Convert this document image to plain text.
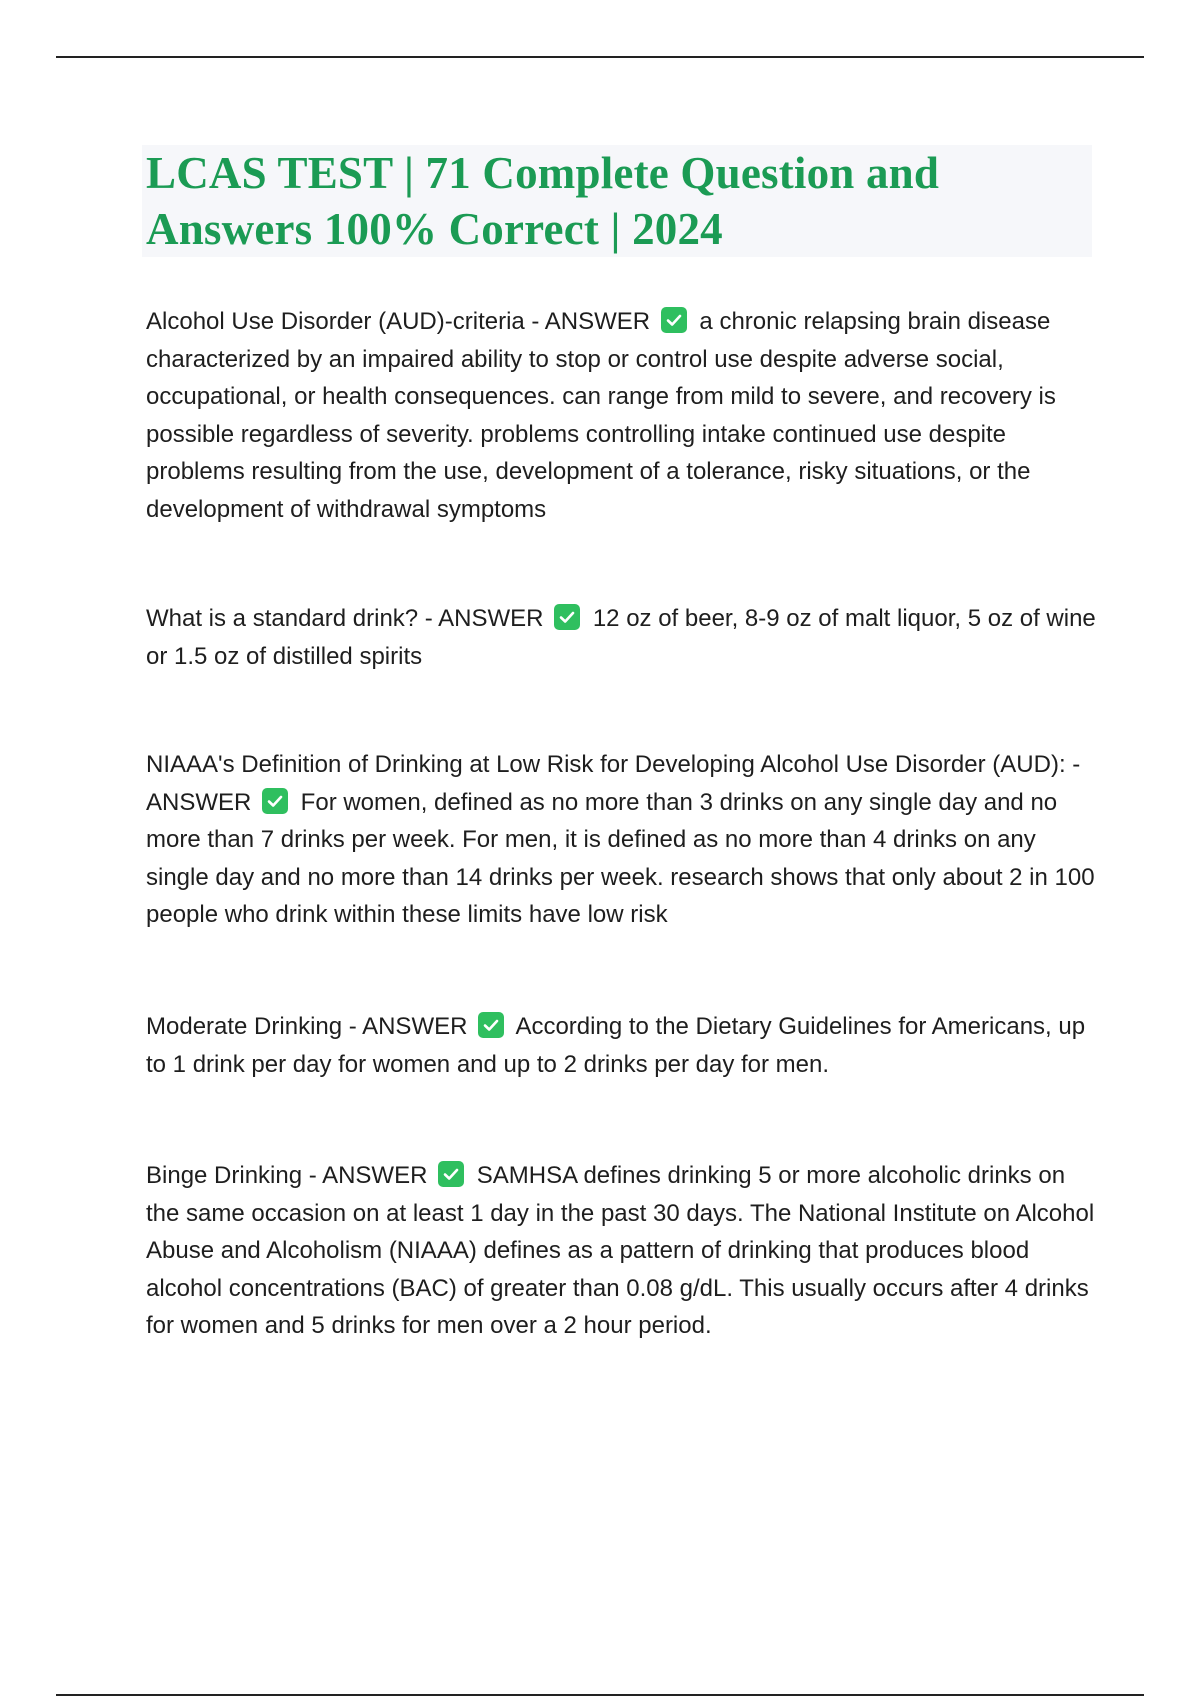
LCAS TEST | 71 Complete Question and Answers 100% Correct | 2024

Alcohol Use Disorder (AUD)-criteria - ANSWER
a chronic relapsing brain disease characterized by an impaired ability to stop or control use despite adverse social, occupational, or health consequences. can range from mild to severe, and recovery is possible regardless of severity. problems controlling intake continued use despite problems resulting from the use, development of a tolerance, risky situations, or the development of withdrawal symptoms

What is a standard drink? - ANSWER
12 oz of beer, 8-9 oz of malt liquor, 5 oz of wine or 1.5 oz of distilled spirits

NIAAA's Definition of Drinking at Low Risk for Developing Alcohol Use Disorder (AUD): - ANSWER
For women, defined as no more than 3 drinks on any single day and no more than 7 drinks per week. For men, it is defined as no more than 4 drinks on any single day and no more than 14 drinks per week. research shows that only about 2 in 100 people who drink within these limits have low risk

Moderate Drinking - ANSWER
According to the Dietary Guidelines for Americans, up to 1 drink per day for women and up to 2 drinks per day for men.

Binge Drinking - ANSWER
SAMHSA defines drinking 5 or more alcoholic drinks on the same occasion on at least 1 day in the past 30 days. The National Institute on Alcohol Abuse and Alcoholism (NIAAA) defines as a pattern of drinking that produces blood alcohol concentrations (BAC) of greater than 0.08 g/dL. This usually occurs after 4 drinks for women and 5 drinks for men over a 2 hour period.
